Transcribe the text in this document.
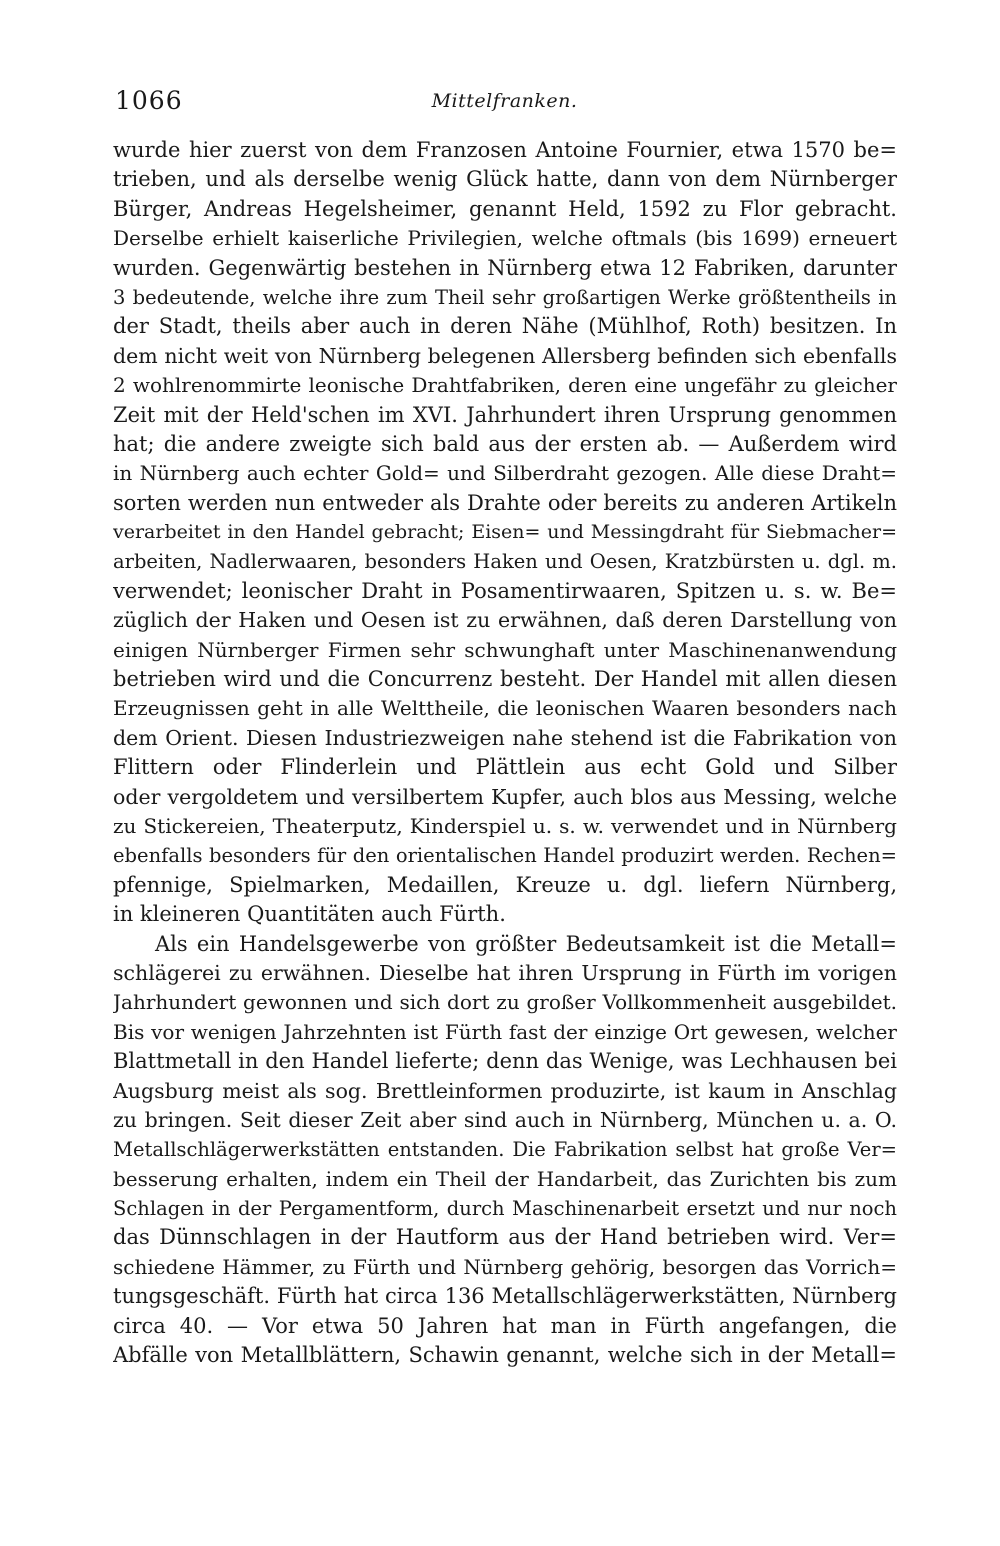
1066	Mittelfranken.
wurde hier zuerst von dem Franzosen Antoine Fournier, etwa 1570 be=
trieben, und als derselbe wenig Glück hatte, dann von dem Nürnberger
Bürger, Andreas Hegelsheimer, genannt Held, 1592 zu Flor gebracht.
Derselbe erhielt kaiserliche Privilegien, welche oftmals (bis 1699) erneuert
wurden. Gegenwärtig bestehen in Nürnberg etwa 12 Fabriken, darunter
3 bedeutende, welche ihre zum Theil sehr großartigen Werke größtentheils in
der Stadt, theils aber auch in deren Nähe (Mühlhof, Roth) besitzen. In
dem nicht weit von Nürnberg belegenen Allersberg befinden sich ebenfalls
2 wohlrenommirte leonische Drahtfabriken, deren eine ungefähr zu gleicher
Zeit mit der Held'schen im XVI. Jahrhundert ihren Ursprung genommen
hat; die andere zweigte sich bald aus der ersten ab. — Außerdem wird
in Nürnberg auch echter Gold= und Silberdraht gezogen. Alle diese Draht=
sorten werden nun entweder als Drahte oder bereits zu anderen Artikeln
verarbeitet in den Handel gebracht; Eisen= und Messingdraht für Siebmacher=
arbeiten, Nadlerwaaren, besonders Haken und Oesen, Kratzbürsten u. dgl. m.
verwendet; leonischer Draht in Posamentirwaaren, Spitzen u. s. w. Be=
züglich der Haken und Oesen ist zu erwähnen, daß deren Darstellung von
einigen Nürnberger Firmen sehr schwunghaft unter Maschinenanwendung
betrieben wird und die Concurrenz besteht. Der Handel mit allen diesen
Erzeugnissen geht in alle Welttheile, die leonischen Waaren besonders nach
dem Orient. Diesen Industriezweigen nahe stehend ist die Fabrikation von
Flittern oder Flinderlein und Plättlein aus echt Gold und Silber
oder vergoldetem und versilbertem Kupfer, auch blos aus Messing, welche
zu Stickereien, Theaterputz, Kinderspiel u. s. w. verwendet und in Nürnberg
ebenfalls besonders für den orientalischen Handel produzirt werden. Rechen=
pfennige, Spielmarken, Medaillen, Kreuze u. dgl. liefern Nürnberg,
in kleineren Quantitäten auch Fürth.
Als ein Handelsgewerbe von größter Bedeutsamkeit ist die Metall=
schlägerei zu erwähnen. Dieselbe hat ihren Ursprung in Fürth im vorigen
Jahrhundert gewonnen und sich dort zu großer Vollkommenheit ausgebildet.
Bis vor wenigen Jahrzehnten ist Fürth fast der einzige Ort gewesen, welcher
Blattmetall in den Handel lieferte; denn das Wenige, was Lechhausen bei
Augsburg meist als sog. Brettleinformen produzirte, ist kaum in Anschlag
zu bringen. Seit dieser Zeit aber sind auch in Nürnberg, München u. a. O.
Metallschlägerwerkstätten entstanden. Die Fabrikation selbst hat große Ver=
besserung erhalten, indem ein Theil der Handarbeit, das Zurichten bis zum
Schlagen in der Pergamentform, durch Maschinenarbeit ersetzt und nur noch
das Dünnschlagen in der Hautform aus der Hand betrieben wird. Ver=
schiedene Hämmer, zu Fürth und Nürnberg gehörig, besorgen das Vorrich=
tungsgeschäft. Fürth hat circa 136 Metallschlägerwerkstätten, Nürnberg
circa 40. — Vor etwa 50 Jahren hat man in Fürth angefangen, die
Abfälle von Metallblättern, Schawin genannt, welche sich in der Metall=
